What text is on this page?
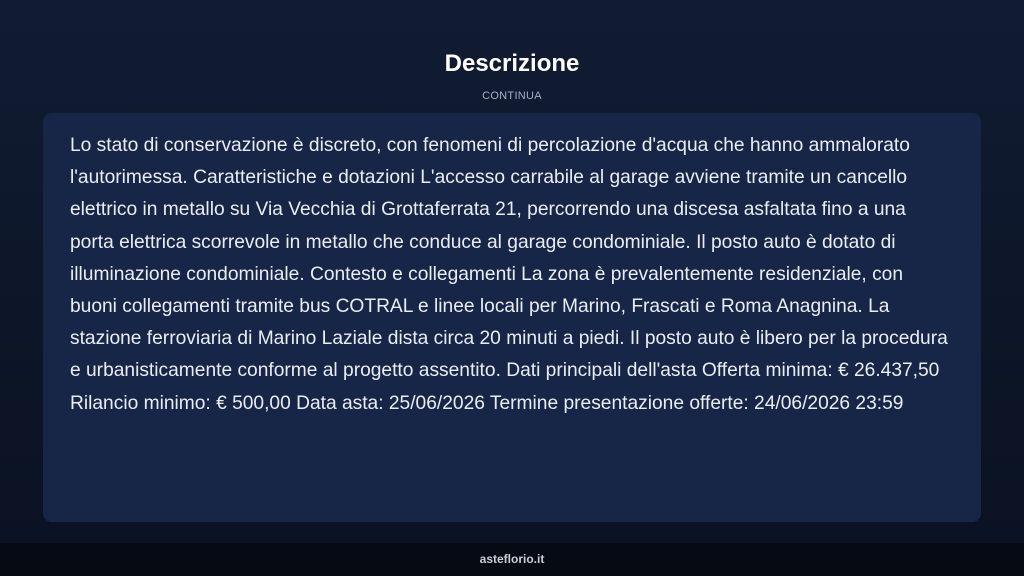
Descrizione
CONTINUA

Lo stato di conservazione è discreto, con fenomeni di percolazione d'acqua che hanno ammalorato l'autorimessa. Caratteristiche e dotazioni L'accesso carrabile al garage avviene tramite un cancello elettrico in metallo su Via Vecchia di Grottaferrata 21, percorrendo una discesa asfaltata fino a una porta elettrica scorrevole in metallo che conduce al garage condominiale. Il posto auto è dotato di illuminazione condominiale. Contesto e collegamenti La zona è prevalentemente residenziale, con buoni collegamenti tramite bus COTRAL e linee locali per Marino, Frascati e Roma Anagnina. La stazione ferroviaria di Marino Laziale dista circa 20 minuti a piedi. Il posto auto è libero per la procedura e urbanisticamente conforme al progetto assentito. Dati principali dell'asta Offerta minima: € 26.437,50 Rilancio minimo: € 500,00 Data asta: 25/06/2026 Termine presentazione offerte: 24/06/2026 23:59

asteflorio.it
